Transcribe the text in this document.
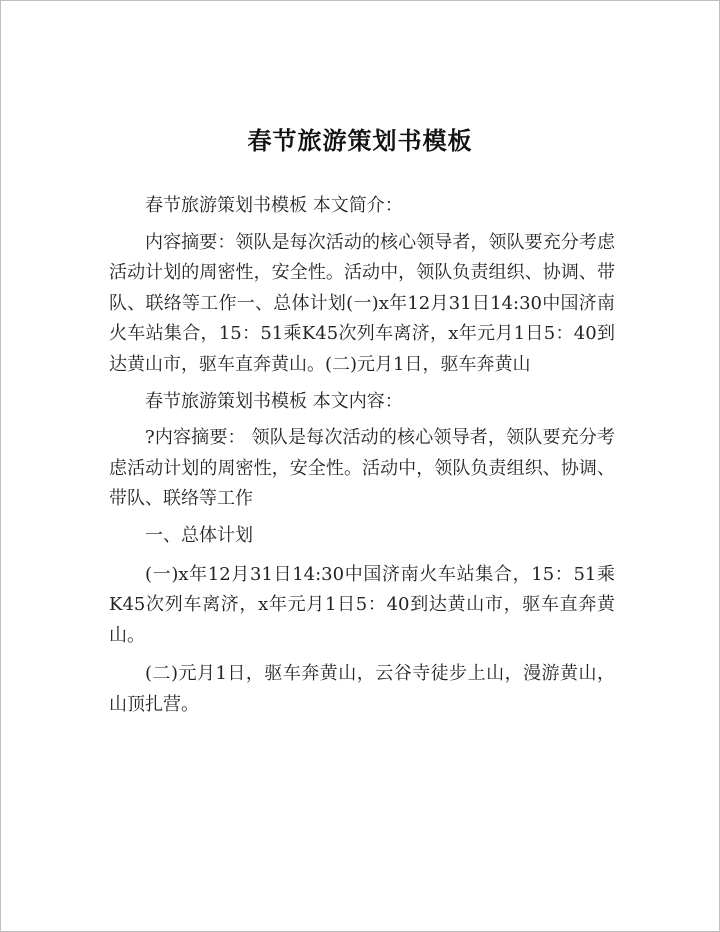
春节旅游策划书模板

春节旅游策划书模板 本文简介：

内容摘要：领队是每次活动的核心领导者，领队要充分考虑活动计划的周密性，安全性。活动中，领队负责组织、协调、带队、联络等工作一、总体计划(一)x年12月31日14:30中国济南火车站集合，15：51乘K45次列车离济，x年元月1日5：40到达黄山市，驱车直奔黄山。(二)元月1日，驱车奔黄山

春节旅游策划书模板 本文内容：

?内容摘要： 领队是每次活动的核心领导者，领队要充分考虑活动计划的周密性，安全性。活动中，领队负责组织、协调、带队、联络等工作

一、总体计划

(一)x年12月31日14:30中国济南火车站集合，15：51乘K45次列车离济，x年元月1日5：40到达黄山市，驱车直奔黄山。

(二)元月1日，驱车奔黄山，云谷寺徒步上山，漫游黄山，山顶扎营。
